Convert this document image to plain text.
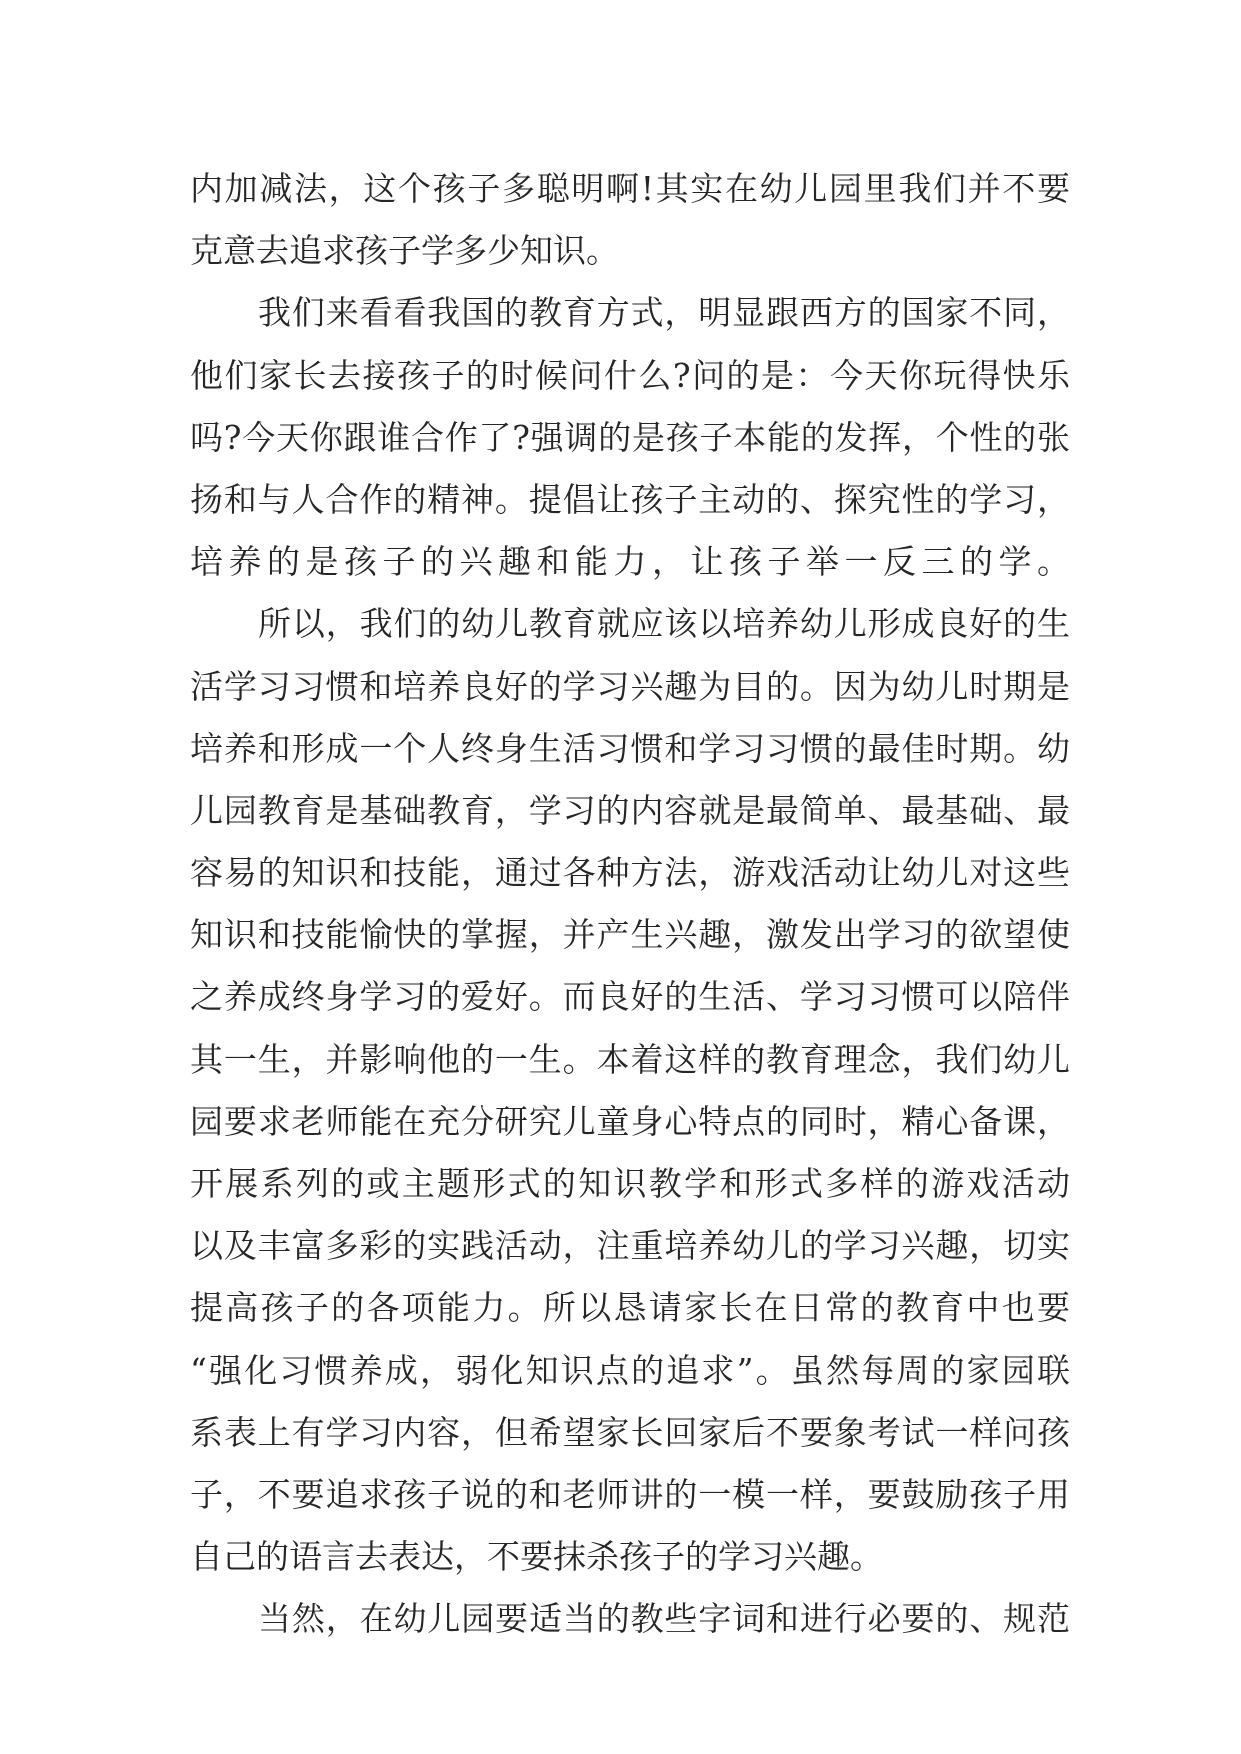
内加减法，这个孩子多聪明啊!其实在幼儿园里我们并不要
克意去追求孩子学多少知识。
我们来看看我国的教育方式，明显跟西方的国家不同，
他们家长去接孩子的时候问什么?问的是：今天你玩得快乐
吗?今天你跟谁合作了?强调的是孩子本能的发挥，个性的张
扬和与人合作的精神。提倡让孩子主动的、探究性的学习，
培养的是孩子的兴趣和能力，让孩子举一反三的学。
所以，我们的幼儿教育就应该以培养幼儿形成良好的生
活学习习惯和培养良好的学习兴趣为目的。因为幼儿时期是
培养和形成一个人终身生活习惯和学习习惯的最佳时期。幼
儿园教育是基础教育，学习的内容就是最简单、最基础、最
容易的知识和技能，通过各种方法，游戏活动让幼儿对这些
知识和技能愉快的掌握，并产生兴趣，激发出学习的欲望使
之养成终身学习的爱好。而良好的生活、学习习惯可以陪伴
其一生，并影响他的一生。本着这样的教育理念，我们幼儿
园要求老师能在充分研究儿童身心特点的同时，精心备课，
开展系列的或主题形式的知识教学和形式多样的游戏活动
以及丰富多彩的实践活动，注重培养幼儿的学习兴趣，切实
提高孩子的各项能力。所以恳请家长在日常的教育中也要
“强化习惯养成，弱化知识点的追求”。虽然每周的家园联
系表上有学习内容，但希望家长回家后不要象考试一样问孩
子，不要追求孩子说的和老师讲的一模一样，要鼓励孩子用
自己的语言去表达，不要抹杀孩子的学习兴趣。
当然，在幼儿园要适当的教些字词和进行必要的、规范
